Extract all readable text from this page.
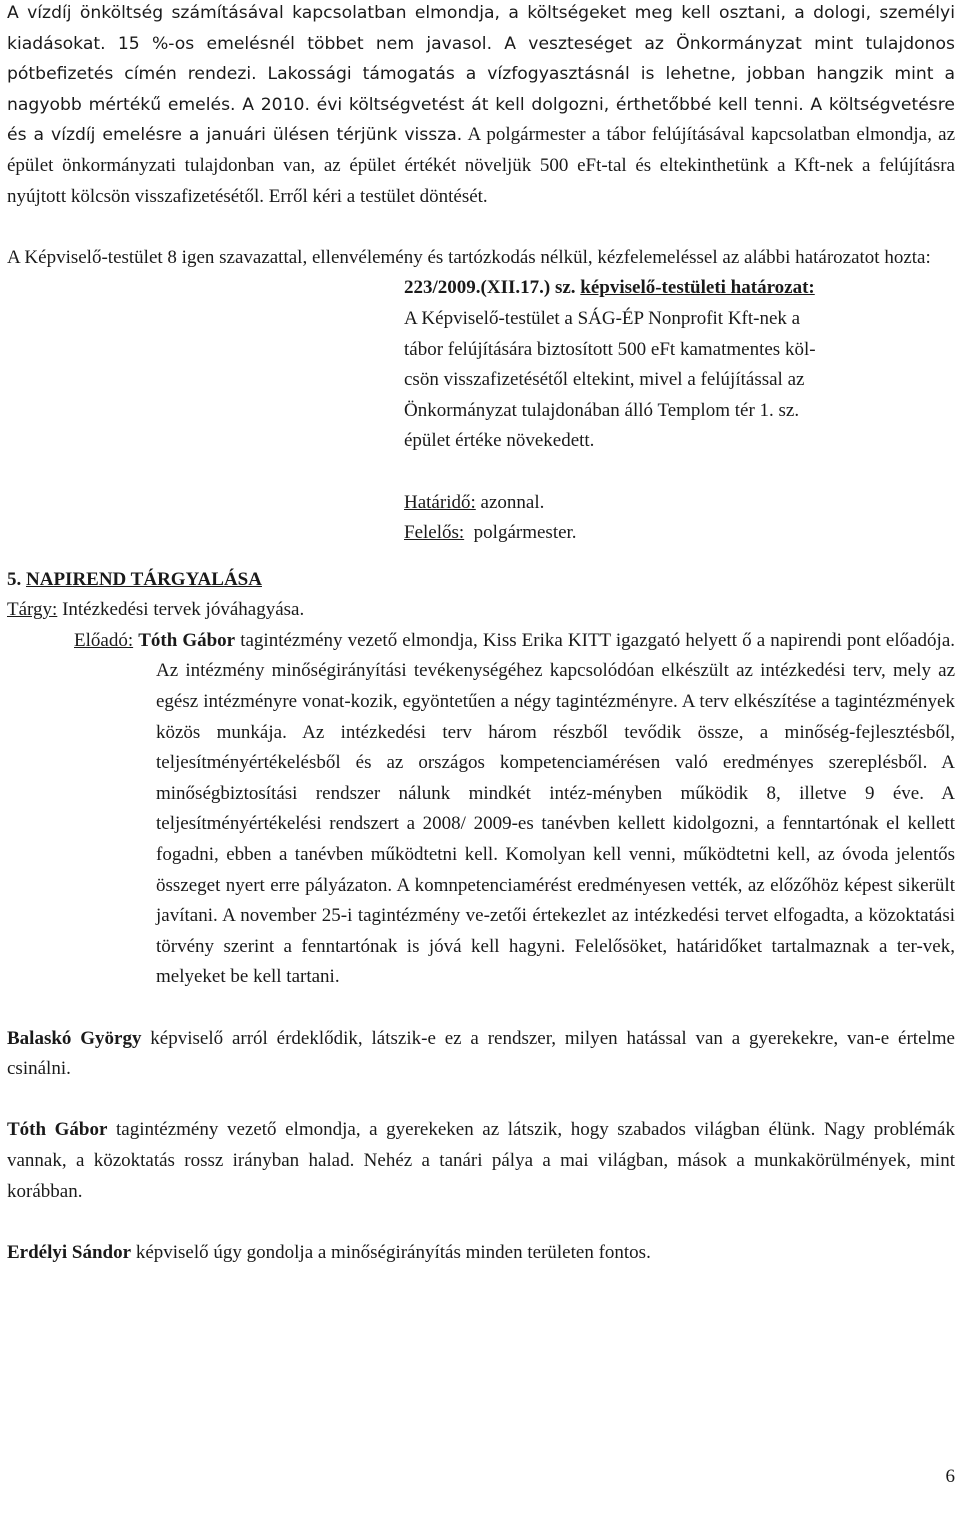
A vízdíj önköltség számításával kapcsolatban elmondja, a költségeket meg kell osztani, a dologi, személyi kiadásokat. 15 %-os emelésnél többet nem javasol. A veszteséget az Önkormányzat mint tulajdonos pótbefizetés címén rendezi. Lakossági támogatás a vízfogyasztásnál is lehetne, jobban hangzik mint a nagyobb mértékű emelés. A 2010. évi költségvetést át kell dolgozni, érthetőbbé kell tenni. A költségvetésre és a vízdíj emelésre a januári ülésen térjünk vissza. A polgármester a tábor felújításával kapcsolatban elmondja, az épület önkormányzati tulajdonban van, az épület értékét növeljük 500 eFt-tal és eltekinthetünk a Kft-nek a felújításra nyújtott kölcsön visszafizetésétől. Erről kéri a testület döntését.

A Képviselő-testület 8 igen szavazattal, ellenvélemény és tartózkodás nélkül, kézfelemeléssel az alábbi határozatot hozta:

223/2009.(XII.17.) sz. képviselő-testületi határozat:

A Képviselő-testület a SÁG-ÉP Nonprofit Kft-nek a

tábor felújítására biztosított 500 eFt kamatmentes köl-

csön visszafizetésétől eltekint, mivel a felújítással az

Önkormányzat tulajdonában álló Templom tér 1. sz.

épület értéke növekedett.

Határidő: azonnal.

Felelős:  polgármester.

5. NAPIREND TÁRGYALÁSA

Tárgy: Intézkedési tervek jóváhagyása.

Előadó: Tóth Gábor tagintézmény vezető elmondja, Kiss Erika KITT igazgató helyett ő a napirendi pont előadója. Az intézmény minőségirányítási tevékenységéhez kapcsolódóan elkészült az intézkedési terv, mely az egész intézményre vonat-kozik, egyöntetűen a négy tagintézményre. A terv elkészítése a tagintézmények közös munkája. Az intézkedési terv három részből tevődik össze, a minőség-fejlesztésből, teljesítményértékelésből és az országos kompetenciamérésen való eredményes szereplésből. A minőségbiztosítási rendszer nálunk mindkét intéz-ményben működik 8, illetve 9 éve. A teljesítményértékelési rendszert a 2008/ 2009-es tanévben kellett kidolgozni, a fenntartónak el kellett fogadni, ebben a tanévben működtetni kell. Komolyan kell venni, működtetni kell, az óvoda jelentős összeget nyert erre pályázaton. A komnpetenciamérést eredményesen vették, az előzőhöz képest sikerült javítani. A november 25-i tagintézmény ve-zetői értekezlet az intézkedési tervet elfogadta, a közoktatási törvény szerint a fenntartónak is jóvá kell hagyni. Felelősöket, határidőket tartalmaznak a ter-vek, melyeket be kell tartani.

Balaskó György képviselő arról érdeklődik, látszik-e ez a rendszer, milyen hatással van a gyerekekre, van-e értelme csinálni.

Tóth Gábor tagintézmény vezető elmondja, a gyerekeken az látszik, hogy szabados világban élünk. Nagy problémák vannak, a közoktatás rossz irányban halad. Nehéz a tanári pálya a mai világban, mások a munkakörülmények, mint korábban.

Erdélyi Sándor képviselő úgy gondolja a minőségirányítás minden területen fontos.

6
